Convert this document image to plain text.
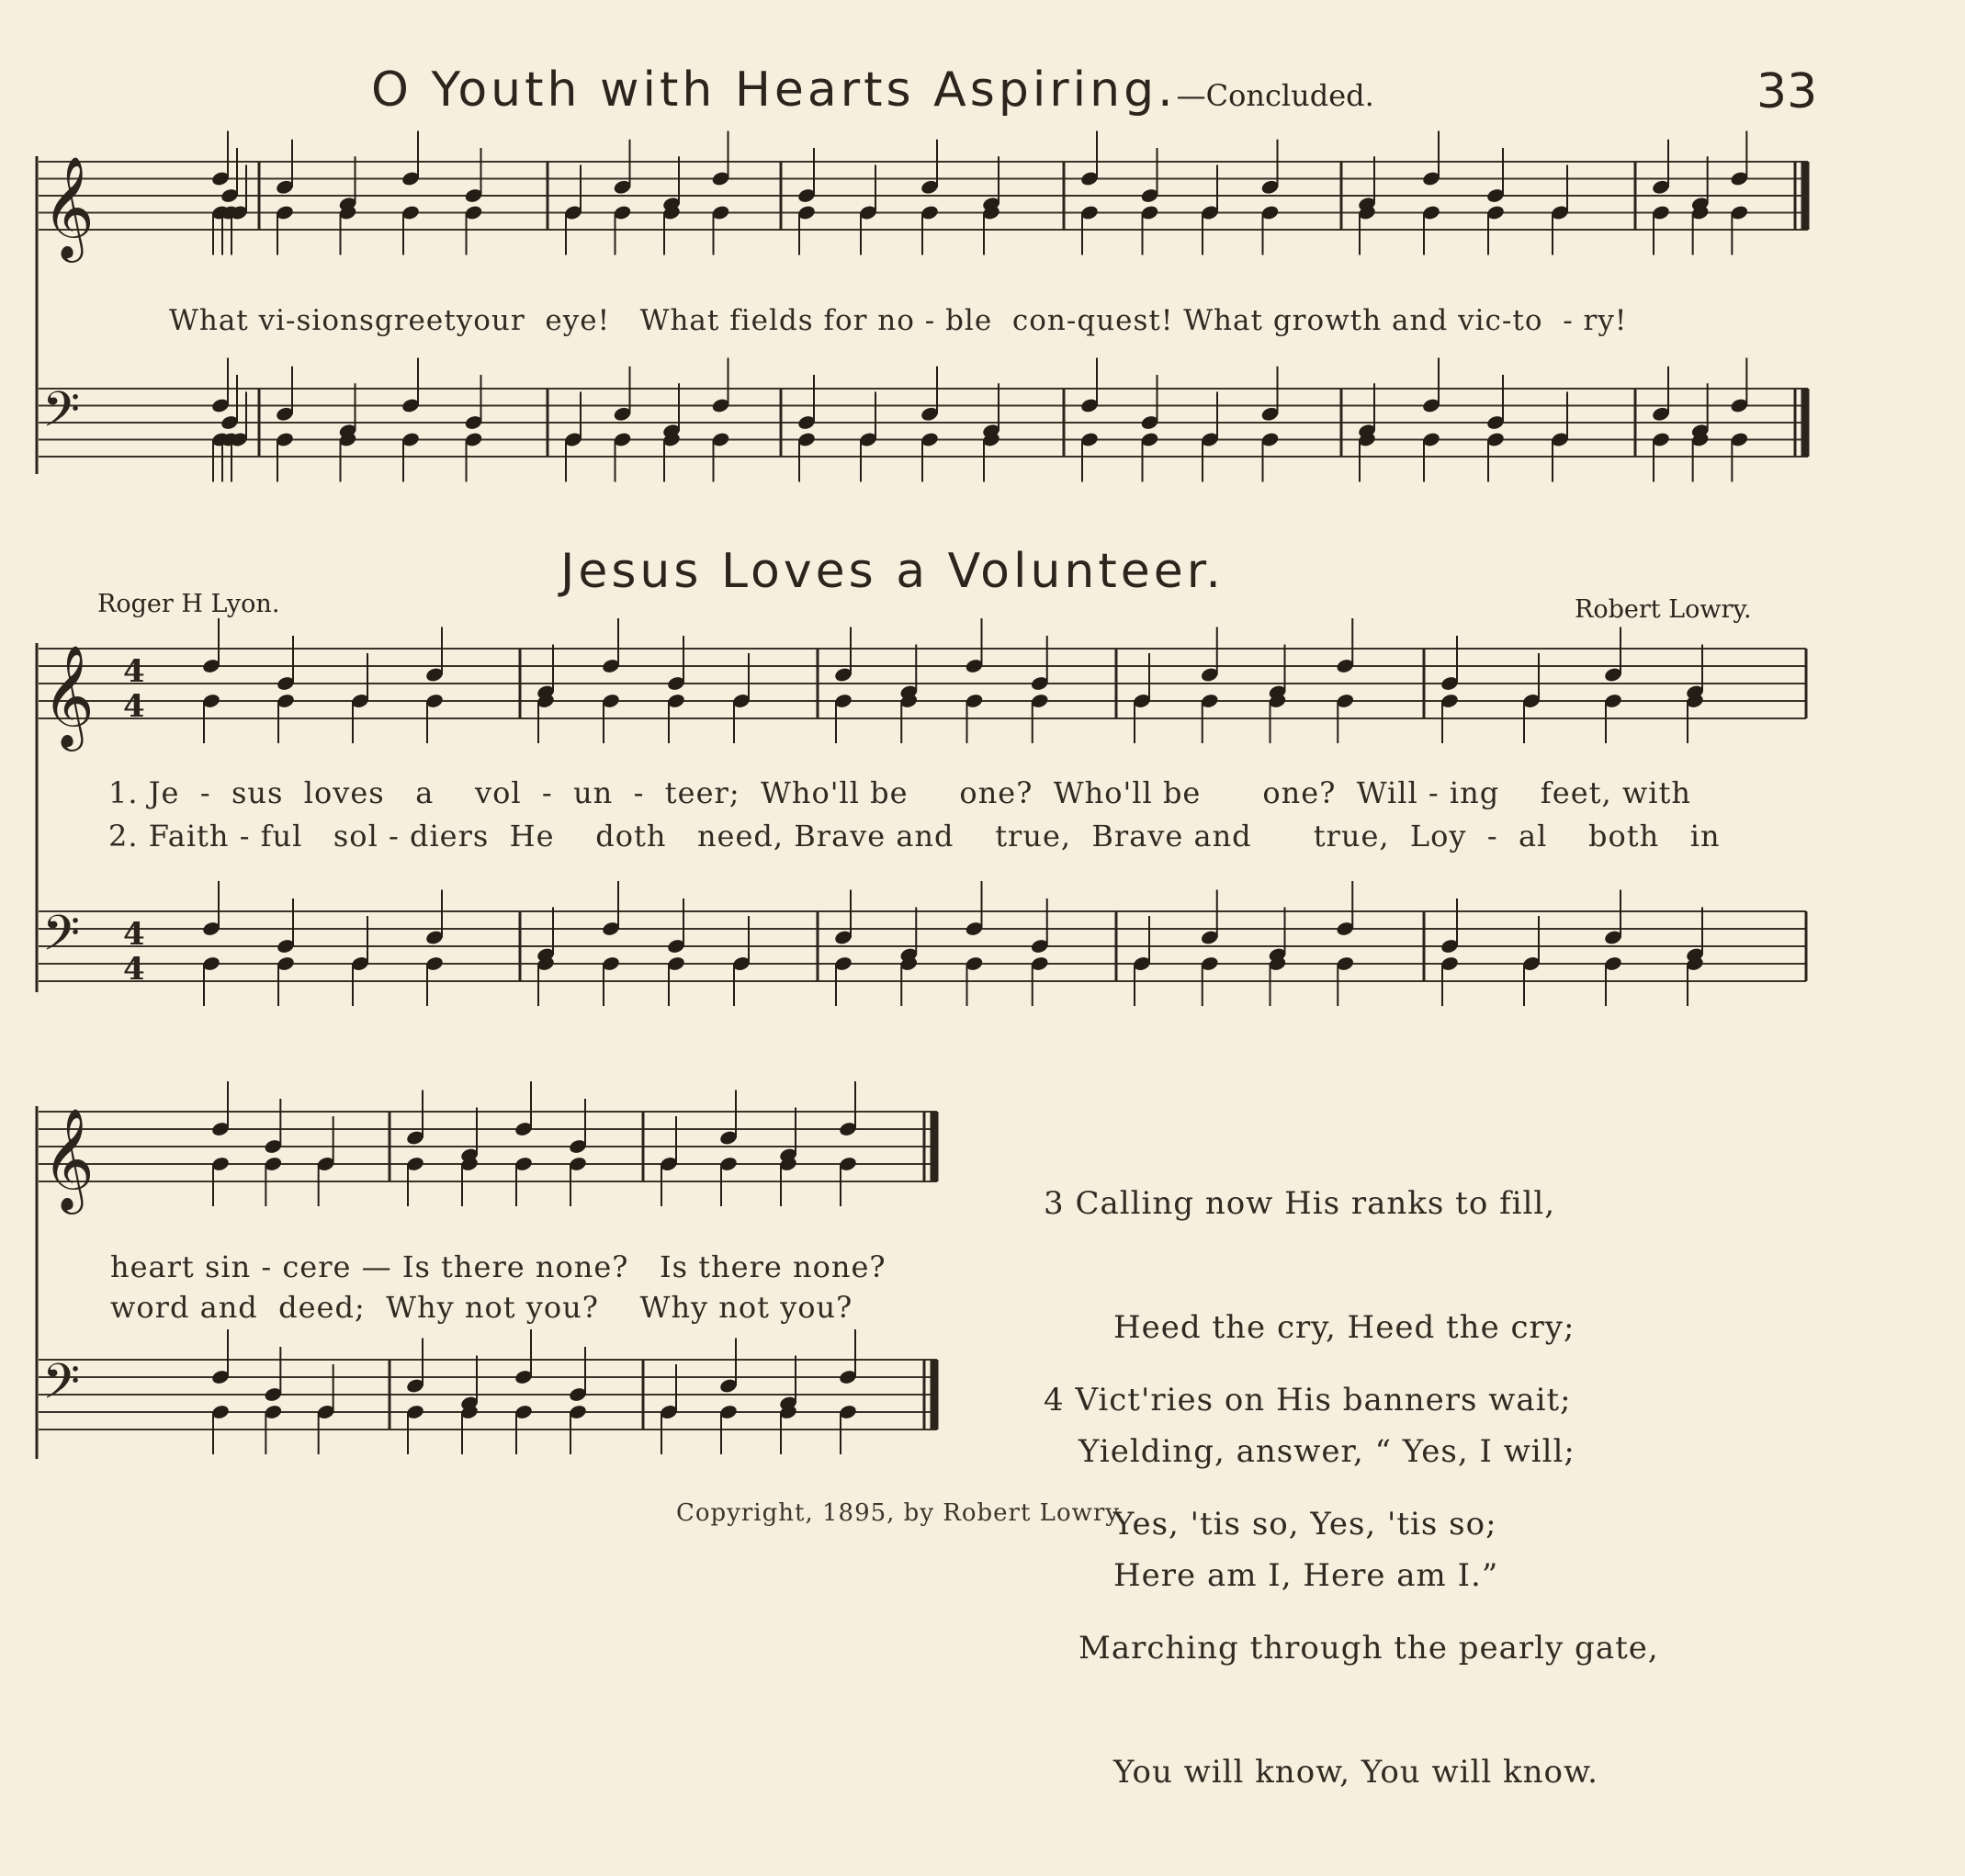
𝄞
𝄢
𝄞 4
4
𝄢 4
4
𝄞
𝄢
O Youth with Hearts Aspiring.—Concluded.	33
What vi-sionsgreetyour  eye!   What fields for no - ble  con-quest! What growth and vic-to  - ry!
Jesus Loves a Volunteer.
Roger H Lyon.	Robert Lowry.
1. Je  -  sus  loves   a    vol  -  un  -  teer;  Who'll be     one?  Who'll be      one?  Will - ing    feet, with
2. Faith - ful   sol - diers  He    doth   need, Brave and    true,  Brave and      true,  Loy  -  al    both   in
heart sin - cere — Is there none?   Is there none?
word and  deed;  Why not you?    Why not you?

3 Calling now His ranks to fill,

Heed the cry, Heed the cry;

Yielding, answer, “ Yes, I will;

Here am I, Here am I.”

4 Vict'ries on His banners wait;

Yes, 'tis so, Yes, 'tis so;

Marching through the pearly gate,

You will know, You will know.

Copyright, 1895, by Robert Lowry.
